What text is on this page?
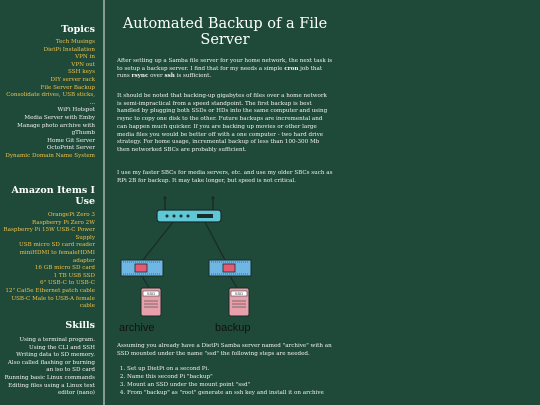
Topics
Tech Musings
DietPi Installation
VPN in
VPN out
SSH keys
DIY server rack
File Server Backup
Consolidate drives, USB sticks,
...
WiFi Hotspot
Media Server with Emby
Manage photo archive with
gThumb
Home Git Server
OctoPrint Server
Dynamic Domain Name System
Amazon Items I Use
OrangePi Zero 3
Raspberry Pi Zero 2W
Raspberry Pi 15W USB-C Power
Supply
USB micro SD card reader
miniHDMI to femaleHDMI
adapter
16 GB micro SD card
1 TB USB SSD
6" USB-C to USB-C
12" Cat5e Ethernet patch cable
USB-C Male to USB-A female
cable
Skills
Using a terminal program.
Using the CLI and SSH
Writing data to SD memory.
Also called flashing or burning
an iso to SD card
Running basic Linux commands
Editing files using a Linux text
editor (nano)
Automated Backup of a File Server

After setting up a Samba file server for your home network, the next task is to setup a backup server. I find that for my needs a simple cron job that runs rsync over ssh is sufficient.

It should be noted that backing-up gigabytes of files over a home network is semi-impractical from a speed standpoint. The first backup is best handled by plugging both SSDs or HDs into the same computer and using rsync to copy one disk to the other. Future backups are incremental and can happen much quicker. If you are backing up movies or other large media files you would be better off with a one computer - two hard drive strategy. For home usage, incremental backup of less than 100-300 Mb then networked SBCs are probably sufficient.

I use my faster SBCs for media servers, etc. and use my older SBCs such as RPi 2B for backup. It may take longer, but speed is not critical.

SSD	SSD
archive	backup

Assuming you already have a DietPi Samba server named "archive" with an SSD mounted under the name "ssd" the following steps are needed.

1. Set up DietPi on a second Pi.
2. Name this second Pi "backup"
3. Mount an SSD under the mount point "ssd"
4. From "backup" as "root" generate an ssh key and install it on archive
